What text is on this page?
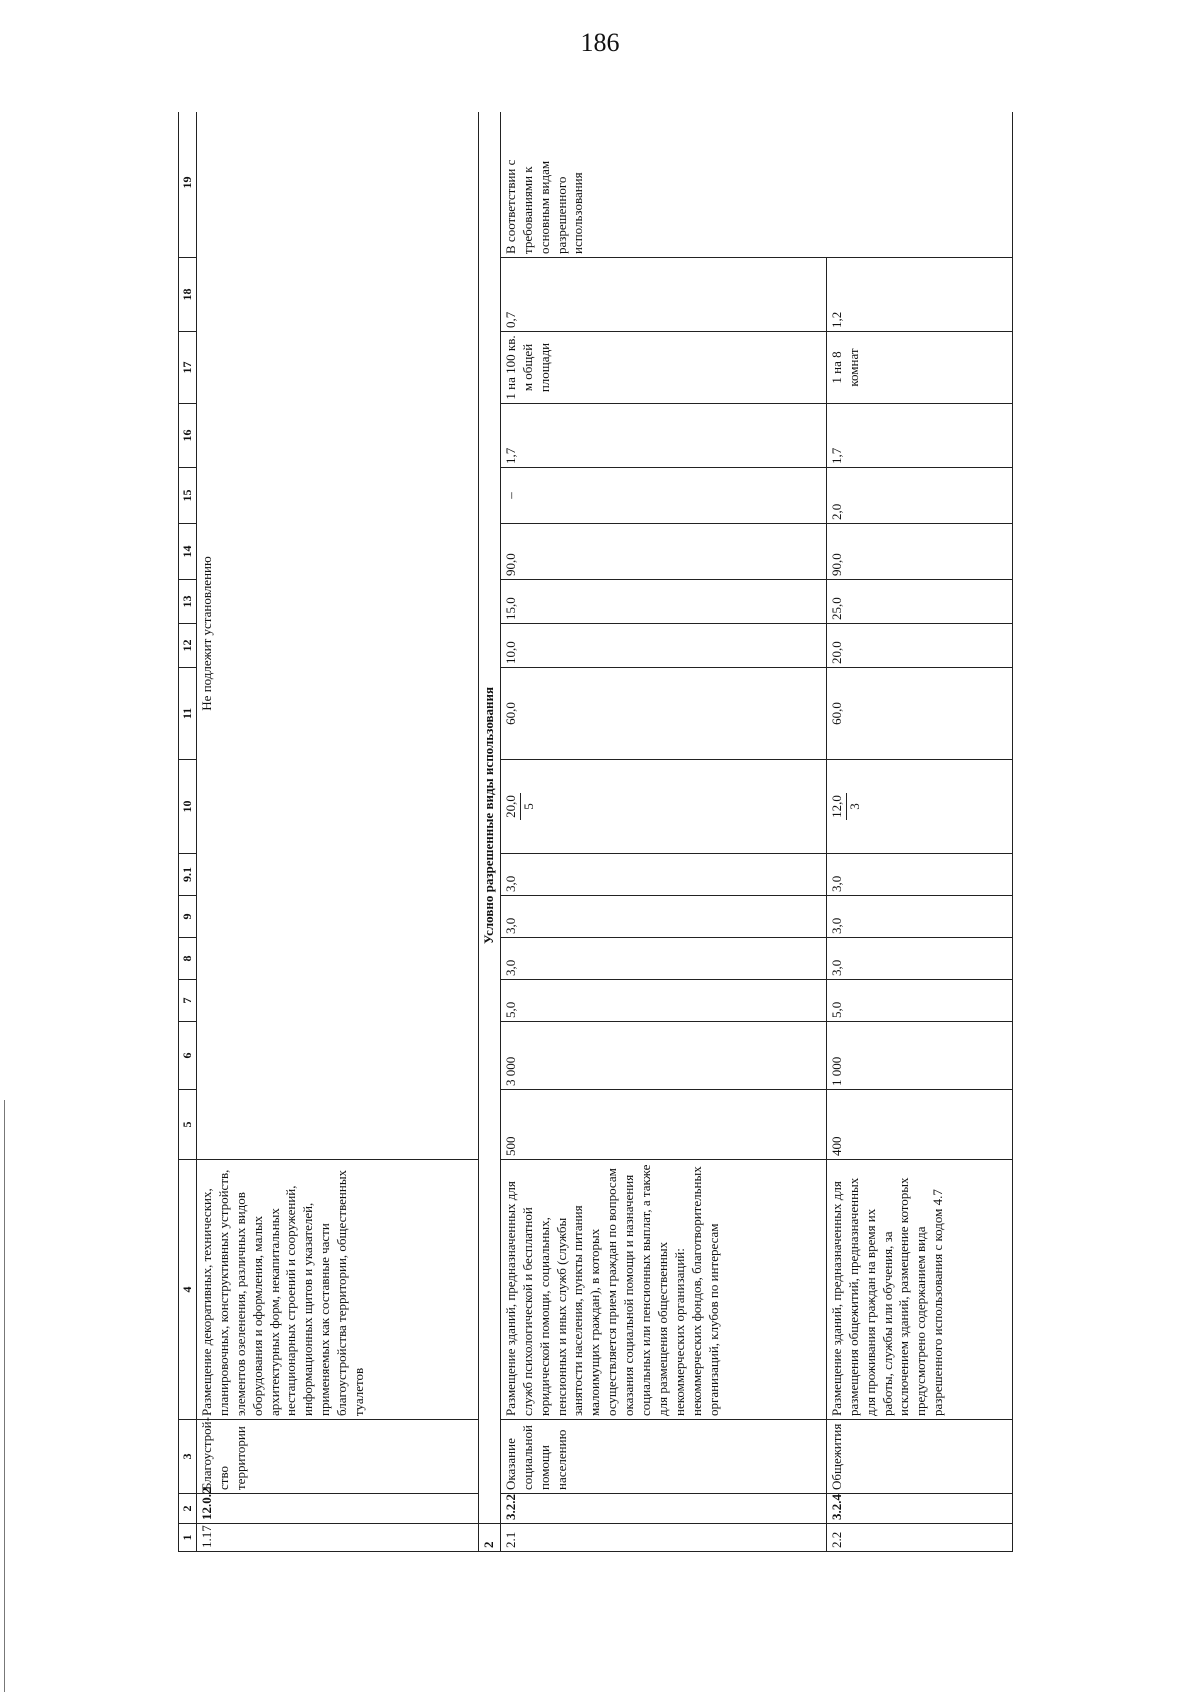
186
1	2	3	4	5	6	7	8	9	9.1	10	11	12	13	14	15	16	17	18	19
1.17	12.0.2	Благоустрой-ство территории	Размещение декоративных, технических, планировочных, конструктивных устройств, элементов озеленения, различных видов оборудования и оформления, малых архитектурных форм, некапитальных нестационарных строений и сооружений, информационных щитов и указателей, применяемых как составные части благоустройства территории, общественных туалетов	Не подлежит установлению															
2	Условно разрешенные виды использования																		
2.1	3.2.2	Оказание социальной помощи населению	Размещение зданий, предназначенных для служб психологической и бесплатной юридической помощи, социальных, пенсионных и иных служб (службы занятости населения, пункты питания малоимущих граждан), в которых осуществляется прием граждан по вопросам оказания социальной помощи и назначения социальных или пенсионных выплат, а также для размещения общественных некоммерческих организаций: некоммерческих фондов, благотворительных организаций, клубов по интересам	500	3 000	5,0	3,0	3,0	3,0	20,0 5	60,0	10,0	15,0	90,0	–	1,7	1 на 100 кв. м общей площади	0,7	В соответствии с требованиями к основным видам разрешенного использования
2.2	3.2.4	Общежития	Размещение зданий, предназначенных для размещения общежитий, предназначенных для проживания граждан на время их работы, службы или обучения, за исключением зданий, размещение которых предусмотрено содержанием вида разрешенного использования с кодом 4.7	400	1 000	5,0	3,0	3,0	3,0	12,0 3	60,0	20,0	25,0	90,0	2,0	1,7	1 на 8 комнат	1,2	
